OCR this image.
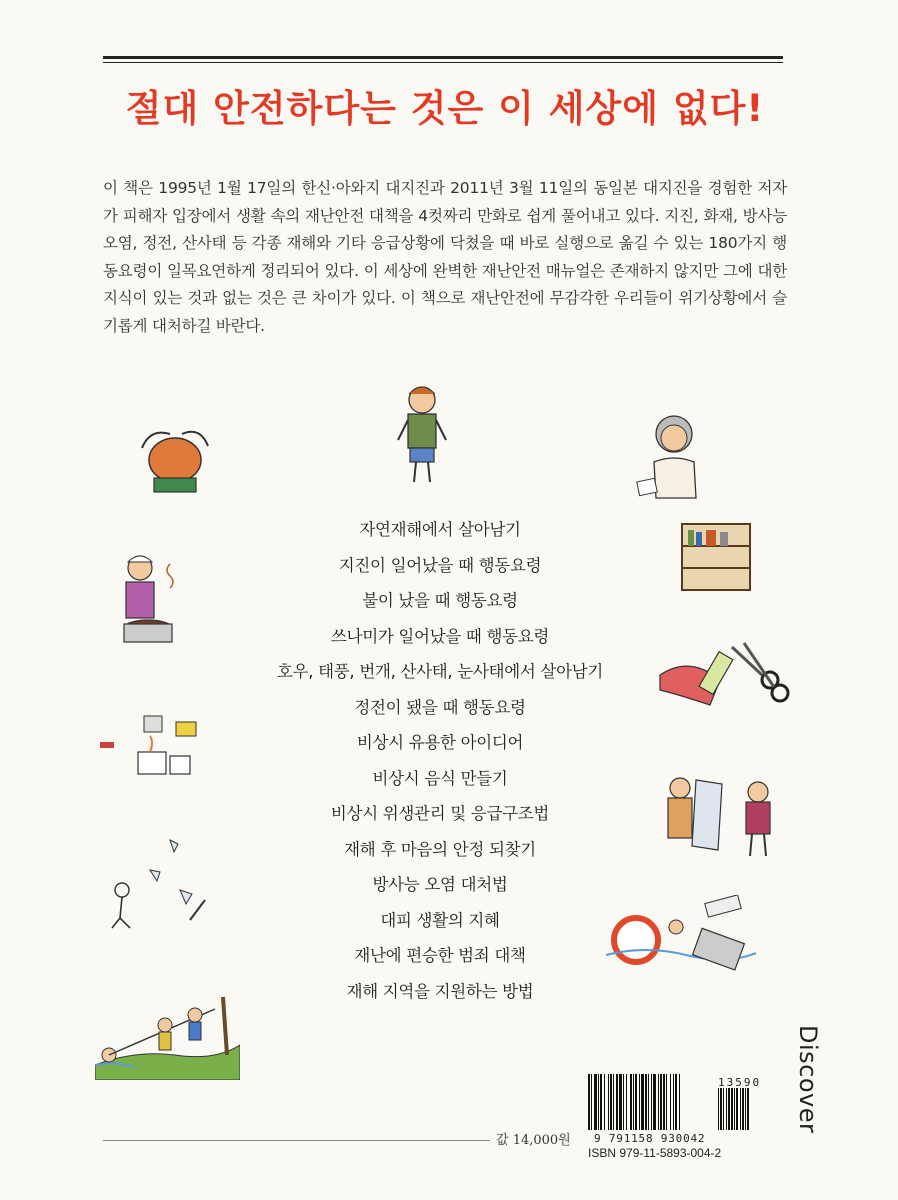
절대 안전하다는 것은 이 세상에 없다!
이 책은 1995년 1월 17일의 한신·아와지 대지진과 2011년 3월 11일의 동일본 대지진을 경험한 저자가 피해자 입장에서 생활 속의 재난안전 대책을 4컷짜리 만화로 쉽게 풀어내고 있다. 지진, 화재, 방사능오염, 정전, 산사태 등 각종 재해와 기타 응급상황에 닥쳤을 때 바로 실행으로 옮길 수 있는 180가지 행동요령이 일목요연하게 정리되어 있다. 이 세상에 완벽한 재난안전 매뉴얼은 존재하지 않지만 그에 대한 지식이 있는 것과 없는 것은 큰 차이가 있다. 이 책으로 재난안전에 무감각한 우리들이 위기상황에서 슬기롭게 대처하길 바란다.
자연재해에서 살아남기
지진이 일어났을 때 행동요령
불이 났을 때 행동요령
쓰나미가 일어났을 때 행동요령
호우, 태풍, 번개, 산사태, 눈사태에서 살아남기
정전이 됐을 때 행동요령
비상시 유용한 아이디어
비상시 음식 만들기
비상시 위생관리 및 응급구조법
재해 후 마음의 안정 되찾기
방사능 오염 대처법
대피 생활의 지혜
재난에 편승한 범죄 대책
재해 지역을 지원하는 방법
Discover
값 14,000원
13590
9 791158 930042
ISBN 979-11-5893-004-2
